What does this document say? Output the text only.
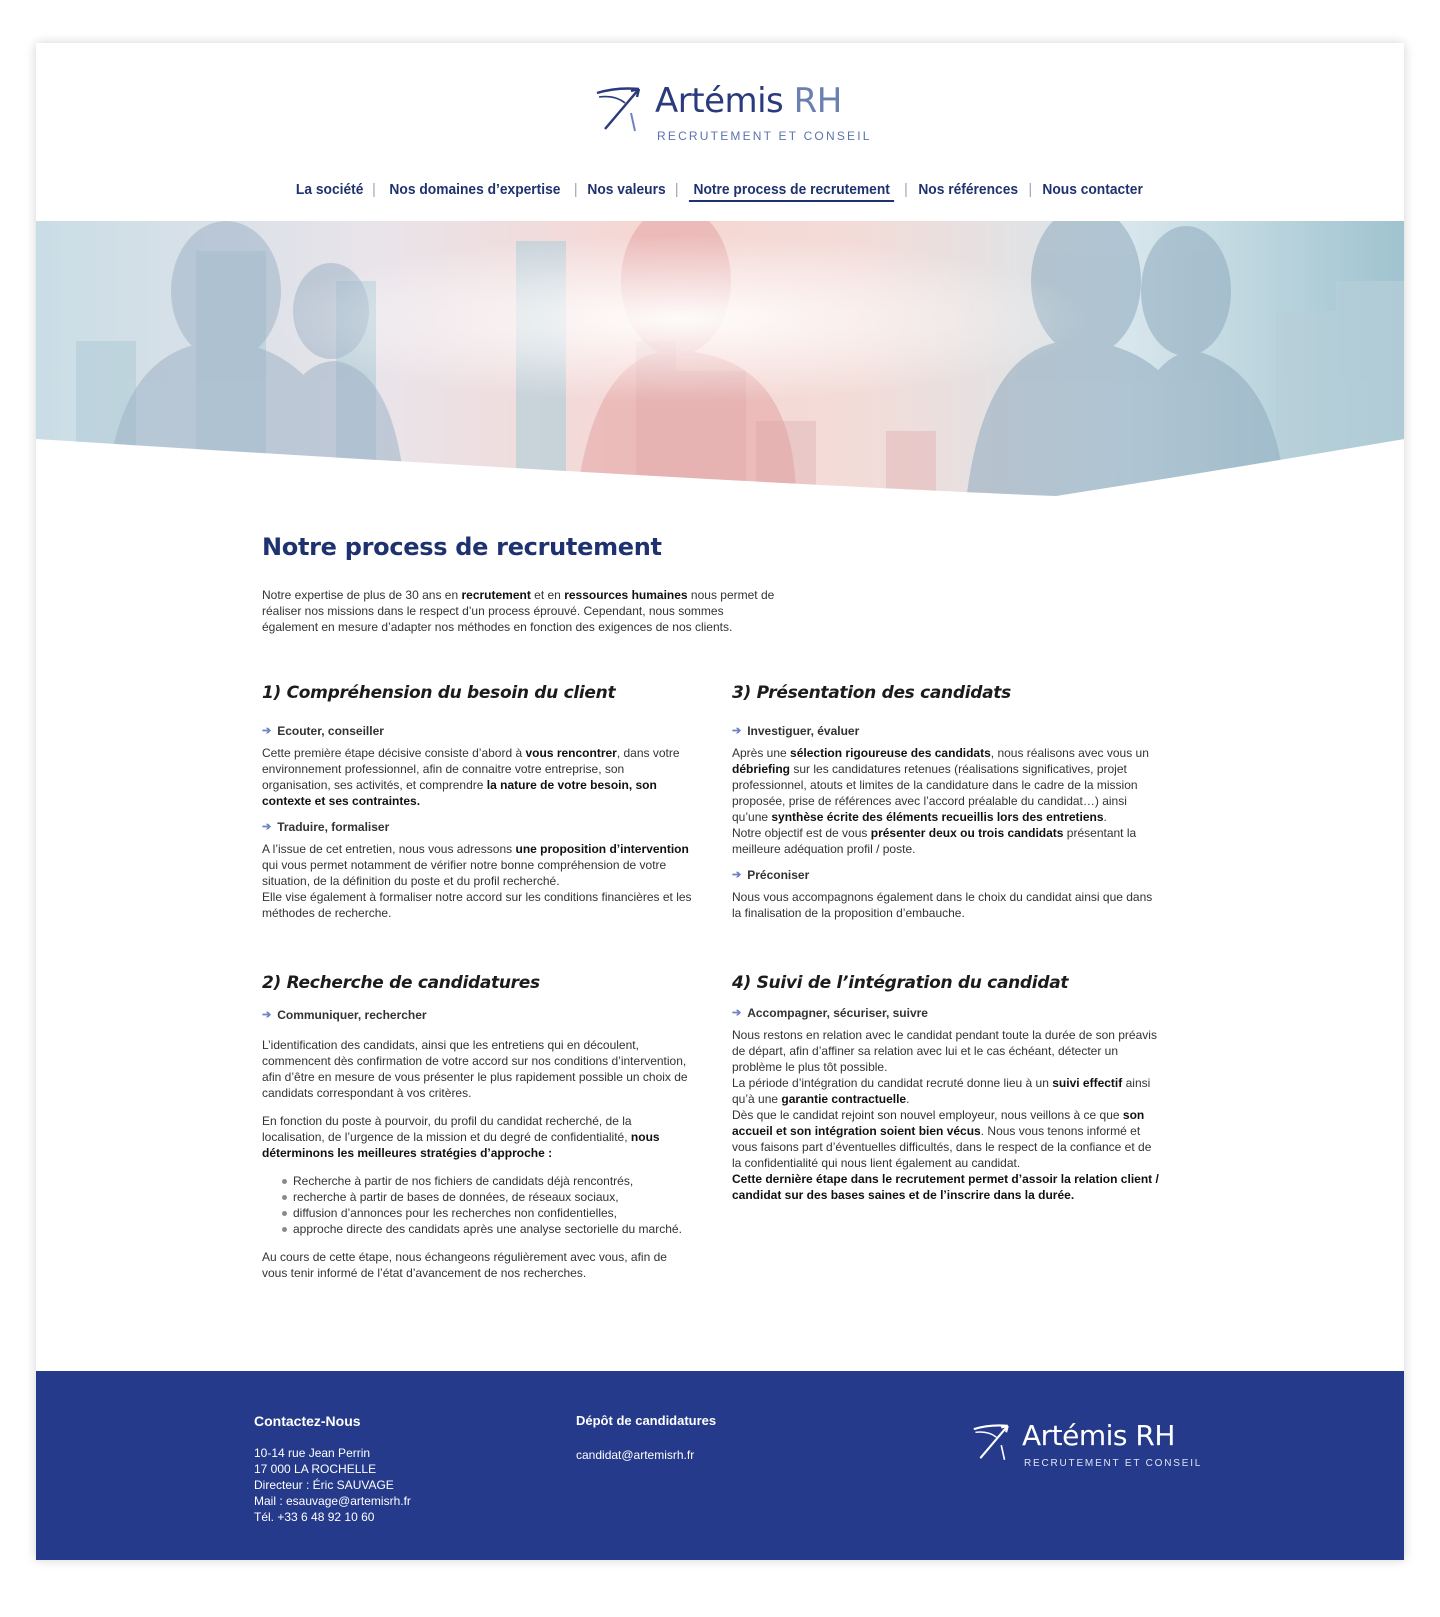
Artémis RH
RECRUTEMENT ET CONSEIL
La société | Nos domaines d’expertise | Nos valeurs | Notre process de recrutement | Nos références | Nous contacter
Notre process de recrutement

Notre expertise de plus de 30 ans en recrutement et en ressources humaines nous permet de réaliser nos missions dans le respect d’un process éprouvé. Cependant, nous sommes également en mesure d’adapter nos méthodes en fonction des exigences de nos clients.

1) Compréhension du besoin du client
➔ Ecouter, conseiller

Cette première étape décisive consiste d’abord à vous rencontrer, dans votre environnement professionnel, afin de connaitre votre entreprise, son organisation, ses activités, et comprendre la nature de votre besoin, son contexte et ses contraintes.

➔ Traduire, formaliser

A l’issue de cet entretien, nous vous adressons une proposition d’intervention qui vous permet notamment de vérifier notre bonne compréhension de votre situation, de la définition du poste et du profil recherché.

Elle vise également à formaliser notre accord sur les conditions financières et les méthodes de recherche.

2) Recherche de candidatures
➔ Communiquer, rechercher

L’identification des candidats, ainsi que les entretiens qui en découlent, commencent dès confirmation de votre accord sur nos conditions d’intervention, afin d’être en mesure de vous présenter le plus rapidement possible un choix de candidats correspondant à vos critères.

En fonction du poste à pourvoir, du profil du candidat recherché, de la localisation, de l’urgence de la mission et du degré de confidentialité, nous déterminons les meilleures stratégies d’approche :

Recherche à partir de nos fichiers de candidats déjà rencontrés,
recherche à partir de bases de données, de réseaux sociaux,
diffusion d’annonces pour les recherches non confidentielles,
approche directe des candidats après une analyse sectorielle du marché.

Au cours de cette étape, nous échangeons régulièrement avec vous, afin de vous tenir informé de l’état d’avancement de nos recherches.

3) Présentation des candidats
➔ Investiguer, évaluer

Après une sélection rigoureuse des candidats, nous réalisons avec vous un débriefing sur les candidatures retenues (réalisations significatives, projet professionnel, atouts et limites de la candidature dans le cadre de la mission proposée, prise de références avec l’accord préalable du candidat…) ainsi qu’une synthèse écrite des éléments recueillis lors des entretiens.

Notre objectif est de vous présenter deux ou trois candidats présentant la meilleure adéquation profil / poste.

➔ Préconiser

Nous vous accompagnons également dans le choix du candidat ainsi que dans la finalisation de la proposition d’embauche.

4) Suivi de l’intégration du candidat
➔ Accompagner, sécuriser, suivre

Nous restons en relation avec le candidat pendant toute la durée de son préavis de départ, afin d’affiner sa relation avec lui et le cas échéant, détecter un problème le plus tôt possible.

La période d’intégration du candidat recruté donne lieu à un suivi effectif ainsi qu’à une garantie contractuelle.

Dès que le candidat rejoint son nouvel employeur, nous veillons à ce que son accueil et son intégration soient bien vécus. Nous vous tenons informé et vous faisons part d’éventuelles difficultés, dans le respect de la confiance et de la confidentialité qui nous lient également au candidat.

Cette dernière étape dans le recrutement permet d’assoir la relation client / candidat sur des bases saines et de l’inscrire dans la durée.

Contactez-Nous
10-14 rue Jean Perrin
17 000 LA ROCHELLE
Directeur : Éric SAUVAGE
Mail : esauvage@artemisrh.fr
Tél. +33 6 48 92 10 60
Dépôt de candidatures
candidat@artemisrh.fr
Artémis RH
RECRUTEMENT ET CONSEIL
